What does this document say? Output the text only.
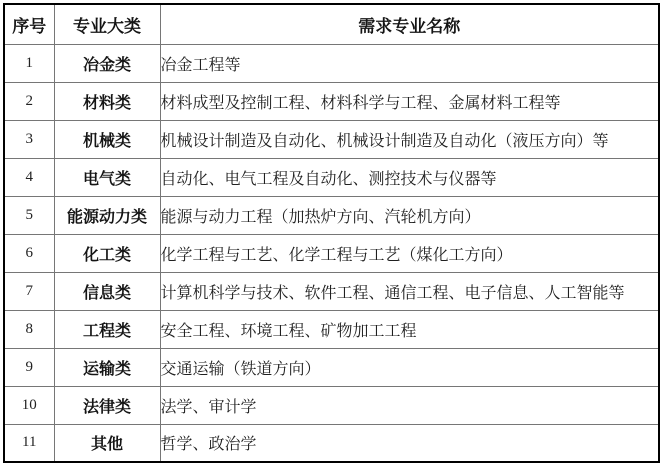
序号	专业大类	需求专业名称
1	冶金类	冶金工程等
2	材料类	材料成型及控制工程、材料科学与工程、金属材料工程等
3	机械类	机械设计制造及自动化、机械设计制造及自动化（液压方向）等
4	电气类	自动化、电气工程及自动化、测控技术与仪器等
5	能源动力类	能源与动力工程（加热炉方向、汽轮机方向）
6	化工类	化学工程与工艺、化学工程与工艺（煤化工方向）
7	信息类	计算机科学与技术、软件工程、通信工程、电子信息、人工智能等
8	工程类	安全工程、环境工程、矿物加工工程
9	运输类	交通运输（铁道方向）
10	法律类	法学、审计学
11	其他	哲学、政治学
